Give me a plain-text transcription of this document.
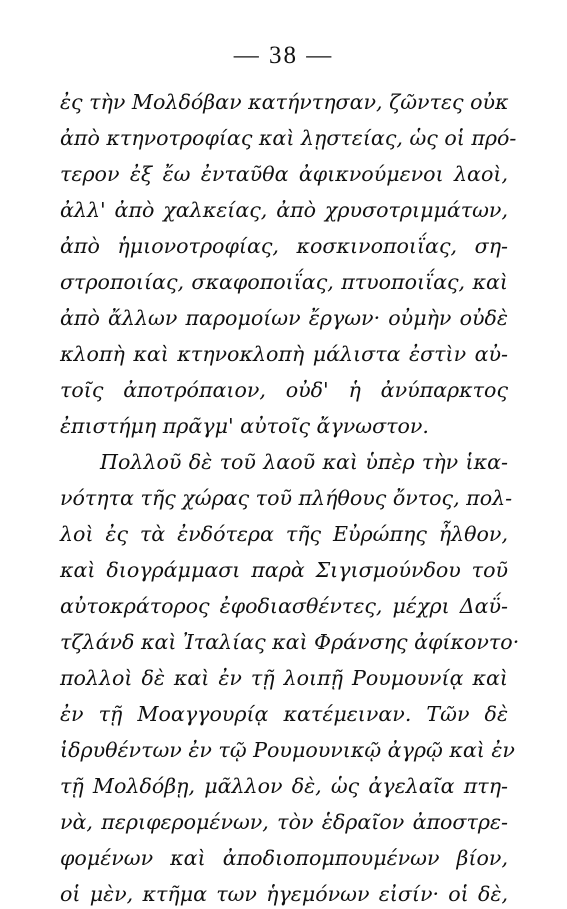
— 38 —
ἐς τὴν Μολδόβαν κατήντησαν, ζῶντες οὐκ
ἀπὸ κτηνοτροφίας καὶ λῃστείας, ὡς οἱ πρό-
τερον ἐξ ἔω ἐνταῦθα ἀφικνούμενοι λαοὶ,
ἀλλ' ἀπὸ χαλκείας, ἀπὸ χρυσοτριμμάτων,
ἀπὸ ἡμιονοτροφίας, κοσκινοποιΐας, ση-
στροποιίας, σκαφοποιΐας, πτυοποιΐας, καὶ
ἀπὸ ἄλλων παρομοίων ἔργων· οὐμὴν οὐδὲ
κλοπὴ καὶ κτηνοκλοπὴ μάλιστα ἐστὶν αὐ-
τοῖς ἀποτρόπαιον, οὐδ' ἡ ἀνύπαρκτος
ἐπιστήμη πρᾶγμ' αὐτοῖς ἄγνωστον.
Πολλοῦ δὲ τοῦ λαοῦ καὶ ὑπὲρ τὴν ἱκα-
νότητα τῆς χώρας τοῦ πλήθους ὄντος, πολ-
λοὶ ἐς τὰ ἐνδότερα τῆς Εὐρώπης ἦλθον,
καὶ διογράμμασι παρὰ Σιγισμούνδου τοῦ
αὐτοκράτορος ἐφοδιασθέντες, μέχρι Δαΰ-
τζλάνδ καὶ Ἰταλίας καὶ Φράνσης ἀφίκοντο·
πολλοὶ δὲ καὶ ἐν τῇ λοιπῇ Ρουμουνίᾳ καὶ
ἐν τῇ Μοαγγουρίᾳ κατέμειναν. Τῶν δὲ
ἱδρυθέντων ἐν τῷ Ρουμουνικῷ ἀγρῷ καὶ ἐν
τῇ Μολδόβῃ, μᾶλλον δὲ, ὡς ἀγελαῖα πτη-
νὰ, περιφερομένων, τὸν ἑδραῖον ἀποστρε-
φομένων καὶ ἀποδιοπομπουμένων βίον,
οἱ μὲν, κτῆμα των ἡγεμόνων εἰσίν· οἱ δὲ,
